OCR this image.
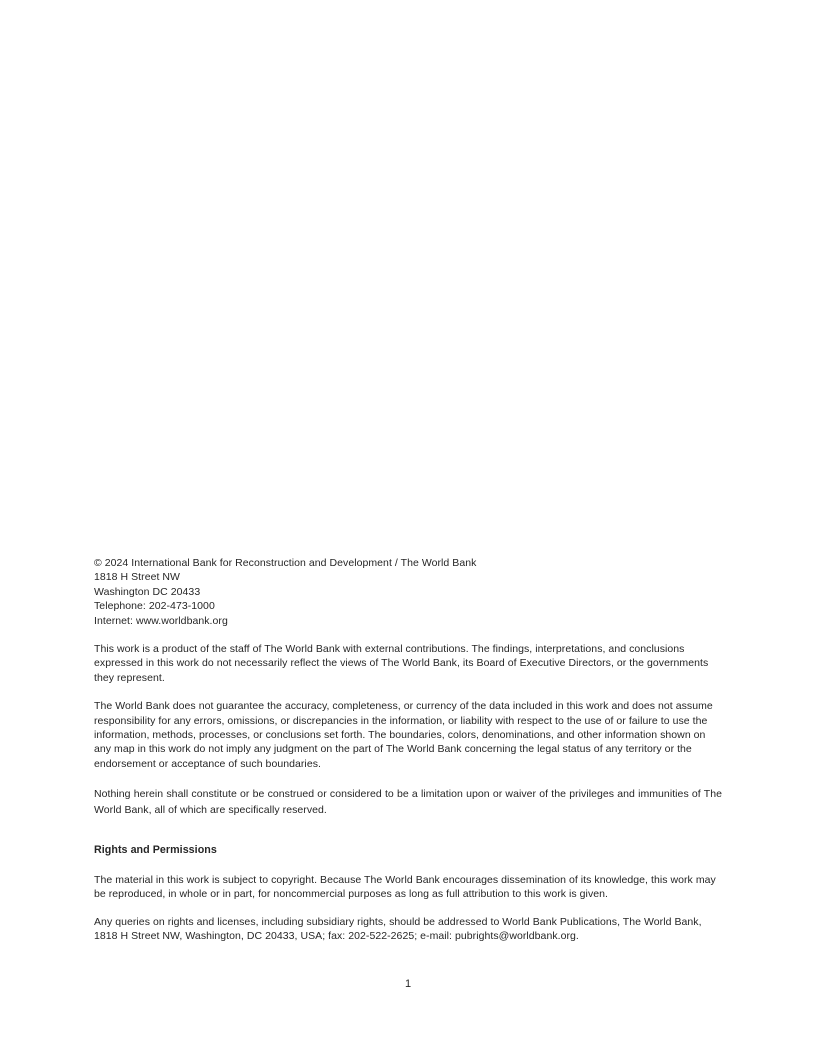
© 2024 International Bank for Reconstruction and Development / The World Bank
1818 H Street NW
Washington DC 20433
Telephone: 202-473-1000
Internet: www.worldbank.org

This work is a product of the staff of The World Bank with external contributions. The findings, interpretations, and conclusions expressed in this work do not necessarily reflect the views of The World Bank, its Board of Executive Directors, or the governments they represent.

The World Bank does not guarantee the accuracy, completeness, or currency of the data included in this work and does not assume responsibility for any errors, omissions, or discrepancies in the information, or liability with respect to the use of or failure to use the information, methods, processes, or conclusions set forth. The boundaries, colors, denominations, and other information shown on any map in this work do not imply any judgment on the part of The World Bank concerning the legal status of any territory or the endorsement or acceptance of such boundaries.

Nothing herein shall constitute or be construed or considered to be a limitation upon or waiver of the privileges and immunities of The World Bank, all of which are specifically reserved.

Rights and Permissions

The material in this work is subject to copyright. Because The World Bank encourages dissemination of its knowledge, this work may be reproduced, in whole or in part, for noncommercial purposes as long as full attribution to this work is given.

Any queries on rights and licenses, including subsidiary rights, should be addressed to World Bank Publications, The World Bank, 1818 H Street NW, Washington, DC 20433, USA; fax: 202-522-2625; e-mail: pubrights@worldbank.org.

1
